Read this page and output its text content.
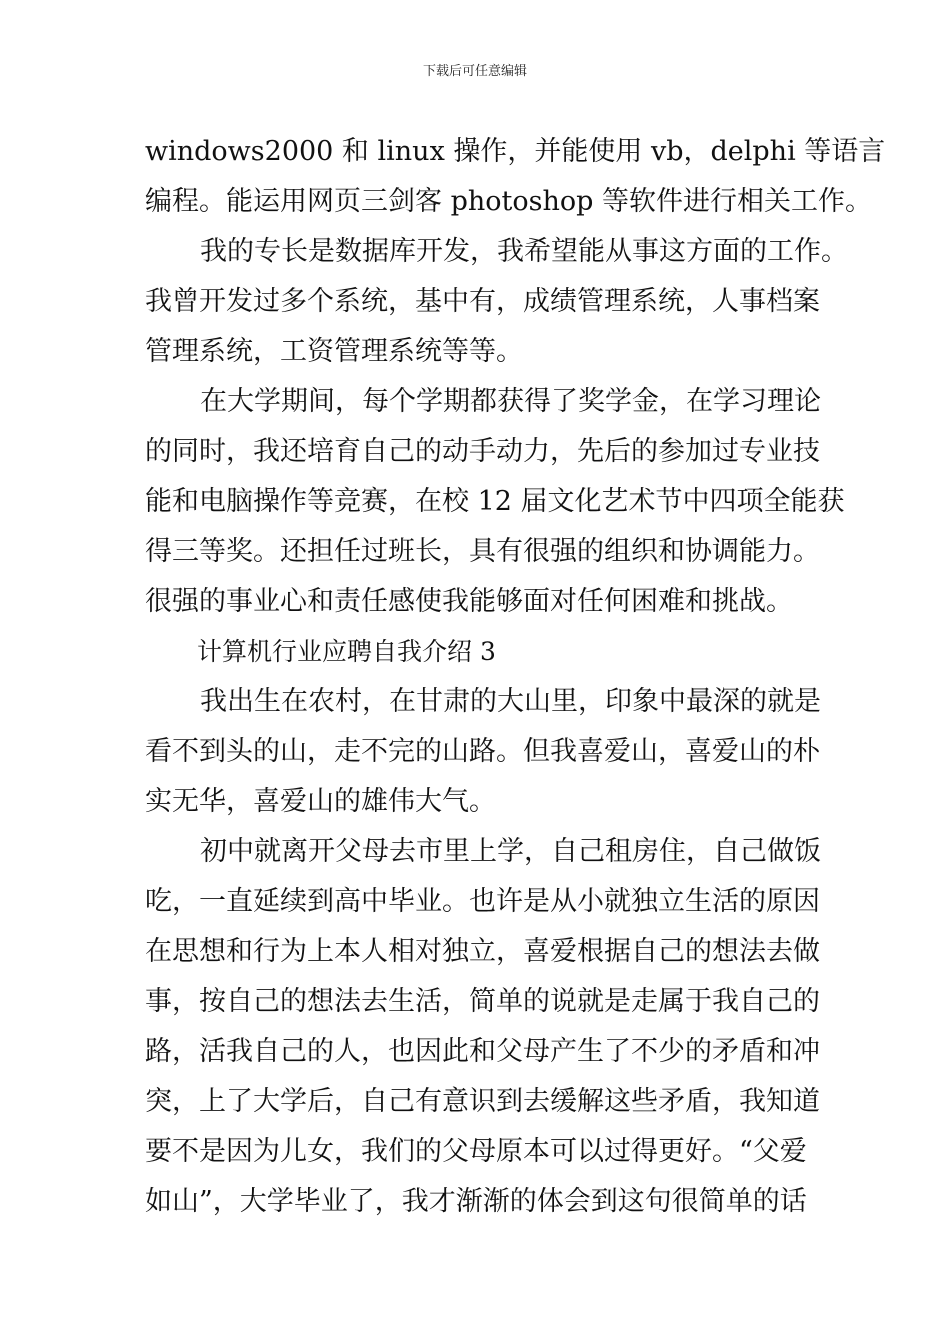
下载后可任意编辑
windows2000 和 linux 操作，并能使用 vb，delphi 等语言
编程。能运用网页三剑客 photoshop 等软件进行相关工作。
我的专长是数据库开发，我希望能从事这方面的工作。
我曾开发过多个系统，基中有，成绩管理系统，人事档案
管理系统，工资管理系统等等。
在大学期间，每个学期都获得了奖学金，在学习理论
的同时，我还培育自己的动手动力，先后的参加过专业技
能和电脑操作等竞赛，在校 12 届文化艺术节中四项全能获
得三等奖。还担任过班长，具有很强的组织和协调能力。
很强的事业心和责任感使我能够面对任何困难和挑战。
计算机行业应聘自我介绍 3
我出生在农村，在甘肃的大山里，印象中最深的就是
看不到头的山，走不完的山路。但我喜爱山，喜爱山的朴
实无华，喜爱山的雄伟大气。
初中就离开父母去市里上学，自己租房住，自己做饭
吃，一直延续到高中毕业。也许是从小就独立生活的原因
在思想和行为上本人相对独立，喜爱根据自己的想法去做
事，按自己的想法去生活，简单的说就是走属于我自己的
路，活我自己的人，也因此和父母产生了不少的矛盾和冲
突，上了大学后，自己有意识到去缓解这些矛盾，我知道
要不是因为儿女，我们的父母原本可以过得更好。“父爱
如山”，大学毕业了，我才渐渐的体会到这句很简单的话
